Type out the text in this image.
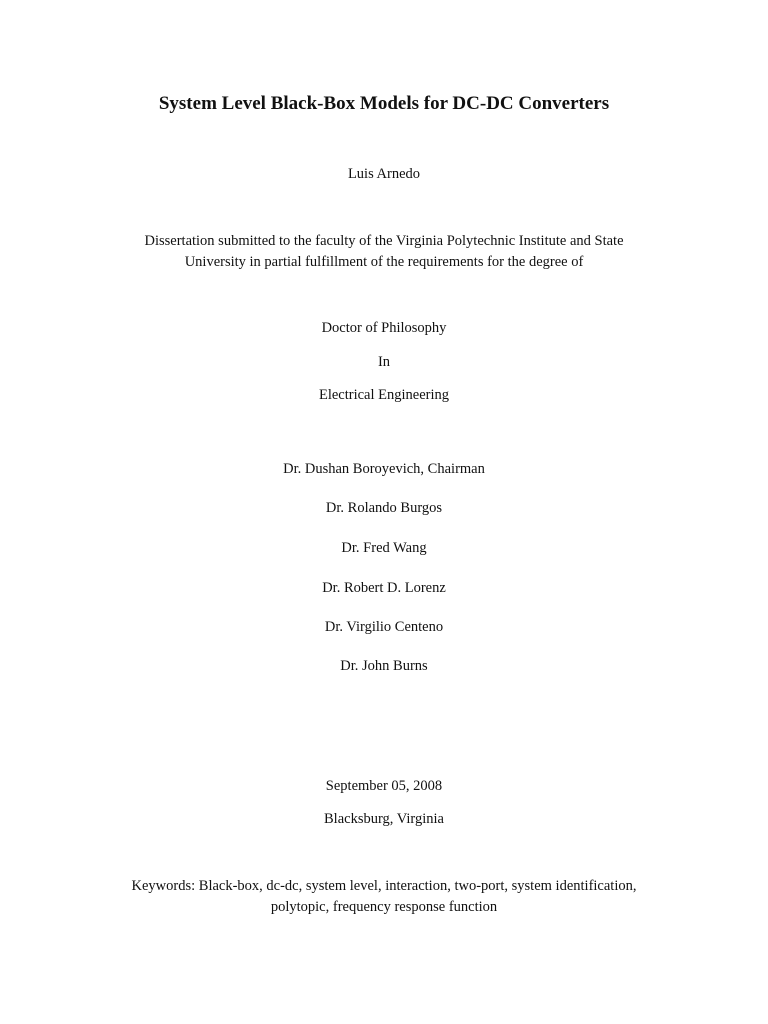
System Level Black-Box Models for DC-DC Converters
Luis Arnedo
Dissertation submitted to the faculty of the Virginia Polytechnic Institute and State
University in partial fulfillment of the requirements for the degree of
Doctor of Philosophy
In
Electrical Engineering
Dr. Dushan Boroyevich, Chairman
Dr. Rolando Burgos
Dr. Fred Wang
Dr. Robert D. Lorenz
Dr. Virgilio Centeno
Dr. John Burns
September 05, 2008
Blacksburg, Virginia
Keywords: Black-box, dc-dc, system level, interaction, two-port, system identification,
polytopic, frequency response function
